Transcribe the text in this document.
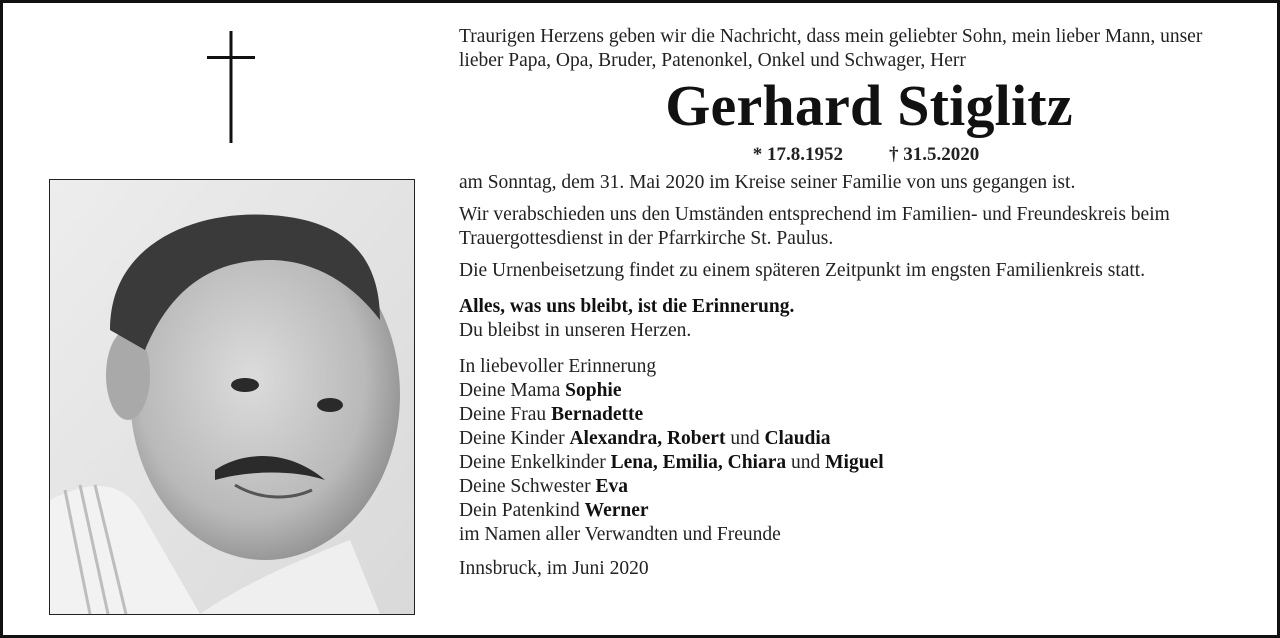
Traurigen Herzens geben wir die Nachricht, dass mein geliebter Sohn, mein lieber Mann, unser lieber Papa, Opa, Bruder, Patenonkel, Onkel und Schwager, Herr

Gerhard Stiglitz
* 17.8.1952 † 31.5.2020

am Sonntag, dem 31. Mai 2020 im Kreise seiner Familie von uns gegangen ist.

Wir verabschieden uns den Umständen entsprechend im Familien- und Freundeskreis beim Trauergottesdienst in der Pfarrkirche St. Paulus.

Die Urnenbeisetzung findet zu einem späteren Zeitpunkt im engsten Familienkreis statt.

Alles, was uns bleibt, ist die Erinnerung.
Du bleibst in unseren Herzen.
In liebevoller Erinnerung
Deine Mama Sophie
Deine Frau Bernadette
Deine Kinder Alexandra, Robert und Claudia
Deine Enkelkinder Lena, Emilia, Chiara und Miguel
Deine Schwester Eva
Dein Patenkind Werner
im Namen aller Verwandten und Freunde
Innsbruck, im Juni 2020
